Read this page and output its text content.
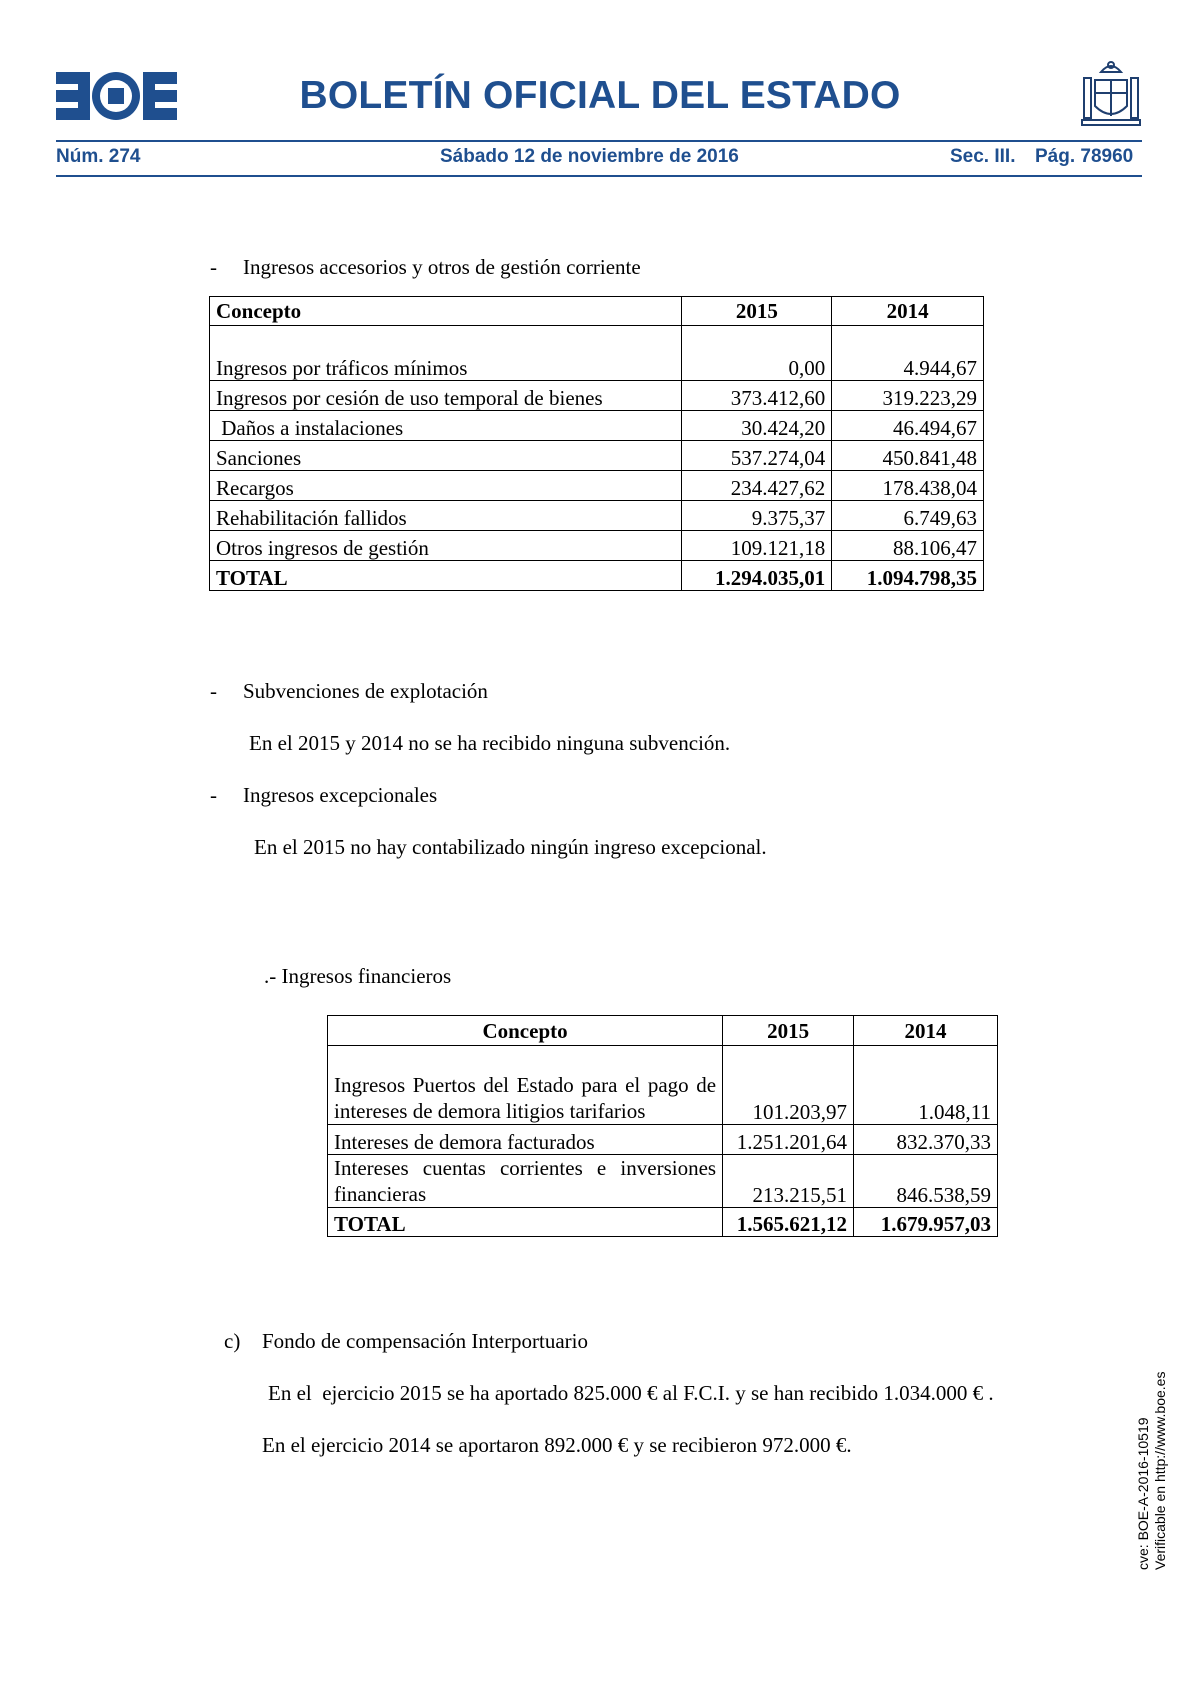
BOLETÍN OFICIAL DEL ESTADO
Núm. 274	Sábado 12 de noviembre de 2016	Sec. III. Pág. 78960
- Ingresos accesorios y otros de gestión corriente
Concepto	2015	2014
Ingresos por tráficos mínimos	0,00	4.944,67
Ingresos por cesión de uso temporal de bienes	373.412,60	319.223,29
Daños a instalaciones	30.424,20	46.494,67
Sanciones	537.274,04	450.841,48
Recargos	234.427,62	178.438,04
Rehabilitación fallidos	9.375,37	6.749,63
Otros ingresos de gestión	109.121,18	88.106,47
TOTAL	1.294.035,01	1.094.798,35
- Subvenciones de explotación
En el 2015 y 2014 no se ha recibido ninguna subvención.
- Ingresos excepcionales
En el 2015 no hay contabilizado ningún ingreso excepcional.
.- Ingresos financieros
Concepto	2015	2014
Ingresos Puertos del Estado para el pago de intereses de demora litigios tarifarios	101.203,97	1.048,11
Intereses de demora facturados	1.251.201,64	832.370,33
Intereses cuentas corrientes e inversiones financieras	213.215,51	846.538,59
TOTAL	1.565.621,12	1.679.957,03
c) Fondo de compensación Interportuario
En el  ejercicio 2015 se ha aportado 825.000 € al F.C.I. y se han recibido 1.034.000 € .
En el ejercicio 2014 se aportaron 892.000 € y se recibieron 972.000 €.	cve: BOE-A-2016-10519 Verificable en http://www.boe.es
